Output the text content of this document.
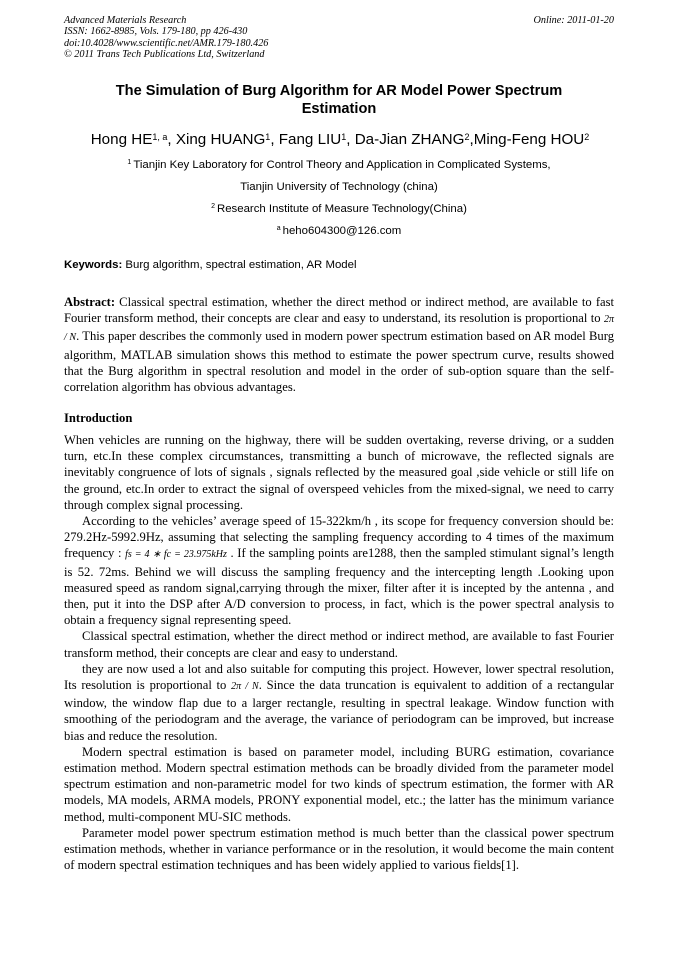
Advanced Materials Research
ISSN: 1662-8985, Vols. 179-180, pp 426-430
doi:10.4028/www.scientific.net/AMR.179-180.426
© 2011 Trans Tech Publications Ltd, Switzerland
Online: 2011-01-20
The Simulation of Burg Algorithm for AR Model Power Spectrum
Estimation
Hong HE$^{1, a}$, Xing HUANG$^1$, Fang LIU$^1$, Da-Jian ZHANG$^2$,Ming-Feng HOU$^2$
$^1$ Tianjin Key Laboratory for Control Theory and Application in Complicated Systems,
Tianjin University of Technology (china)
$^2$ Research Institute of Measure Technology(China)
$^a$ heho604300@126.com
Keywords: Burg algorithm, spectral estimation, AR Model
Abstract: Classical spectral estimation, whether the direct method or indirect method, are available to fast Fourier transform method, their concepts are clear and easy to understand, its resolution is proportional to 2π / N. This paper describes the commonly used in modern power spectrum estimation based on AR model Burg algorithm, MATLAB simulation shows this method to estimate the power spectrum curve, results showed that the Burg algorithm in spectral resolution and model in the order of sub-option square than the self-correlation algorithm has obvious advantages.
Introduction

When vehicles are running on the highway, there will be sudden overtaking, reverse driving, or a sudden turn, etc.In these complex circumstances, transmitting a bunch of microwave, the reflected signals are inevitably congruence of lots of signals , signals reflected by the measured goal ,side vehicle or still life on the ground, etc.In order to extract the signal of overspeed vehicles from the mixed-signal, we need to carry through complex signal processing.

According to the vehicles’ average speed of 15-322km/h , its scope for frequency conversion should be: 279.2Hz-5992.9Hz, assuming that selecting the sampling frequency according to 4 times of the maximum frequency : fs = 4 ∗ fc = 23.975kHz . If the sampling points are1288, then the sampled stimulant signal’s length is 52. 72ms. Behind we will discuss the sampling frequency and the intercepting length .Looking upon measured speed as random signal,carrying through the mixer, filter after it is incepted by the antenna , and then, put it into the DSP after A/D conversion to process, in fact, which is the power spectral analysis to obtain a frequency signal representing speed.

Classical spectral estimation, whether the direct method or indirect method, are available to fast Fourier transform method, their concepts are clear and easy to understand.

they are now used a lot and also suitable for computing this project. However, lower spectral resolution, Its resolution is proportional to 2π / N. Since the data truncation is equivalent to addition of a rectangular window, the window flap due to a larger rectangle, resulting in spectral leakage. Window function with smoothing of the periodogram and the average, the variance of periodogram can be improved, but increase bias and reduce the resolution.

Modern spectral estimation is based on parameter model, including BURG estimation, covariance estimation method. Modern spectral estimation methods can be broadly divided from the parameter model spectrum estimation and non-parametric model for two kinds of spectrum estimation, the former with AR models, MA models, ARMA models, PRONY exponential model, etc.; the latter has the minimum variance method, multi-component MU-SIC methods.

Parameter model power spectrum estimation method is much better than the classical power spectrum estimation methods, whether in variance performance or in the resolution, it would become the main content of modern spectral estimation techniques and has been widely applied to various fields[1].
